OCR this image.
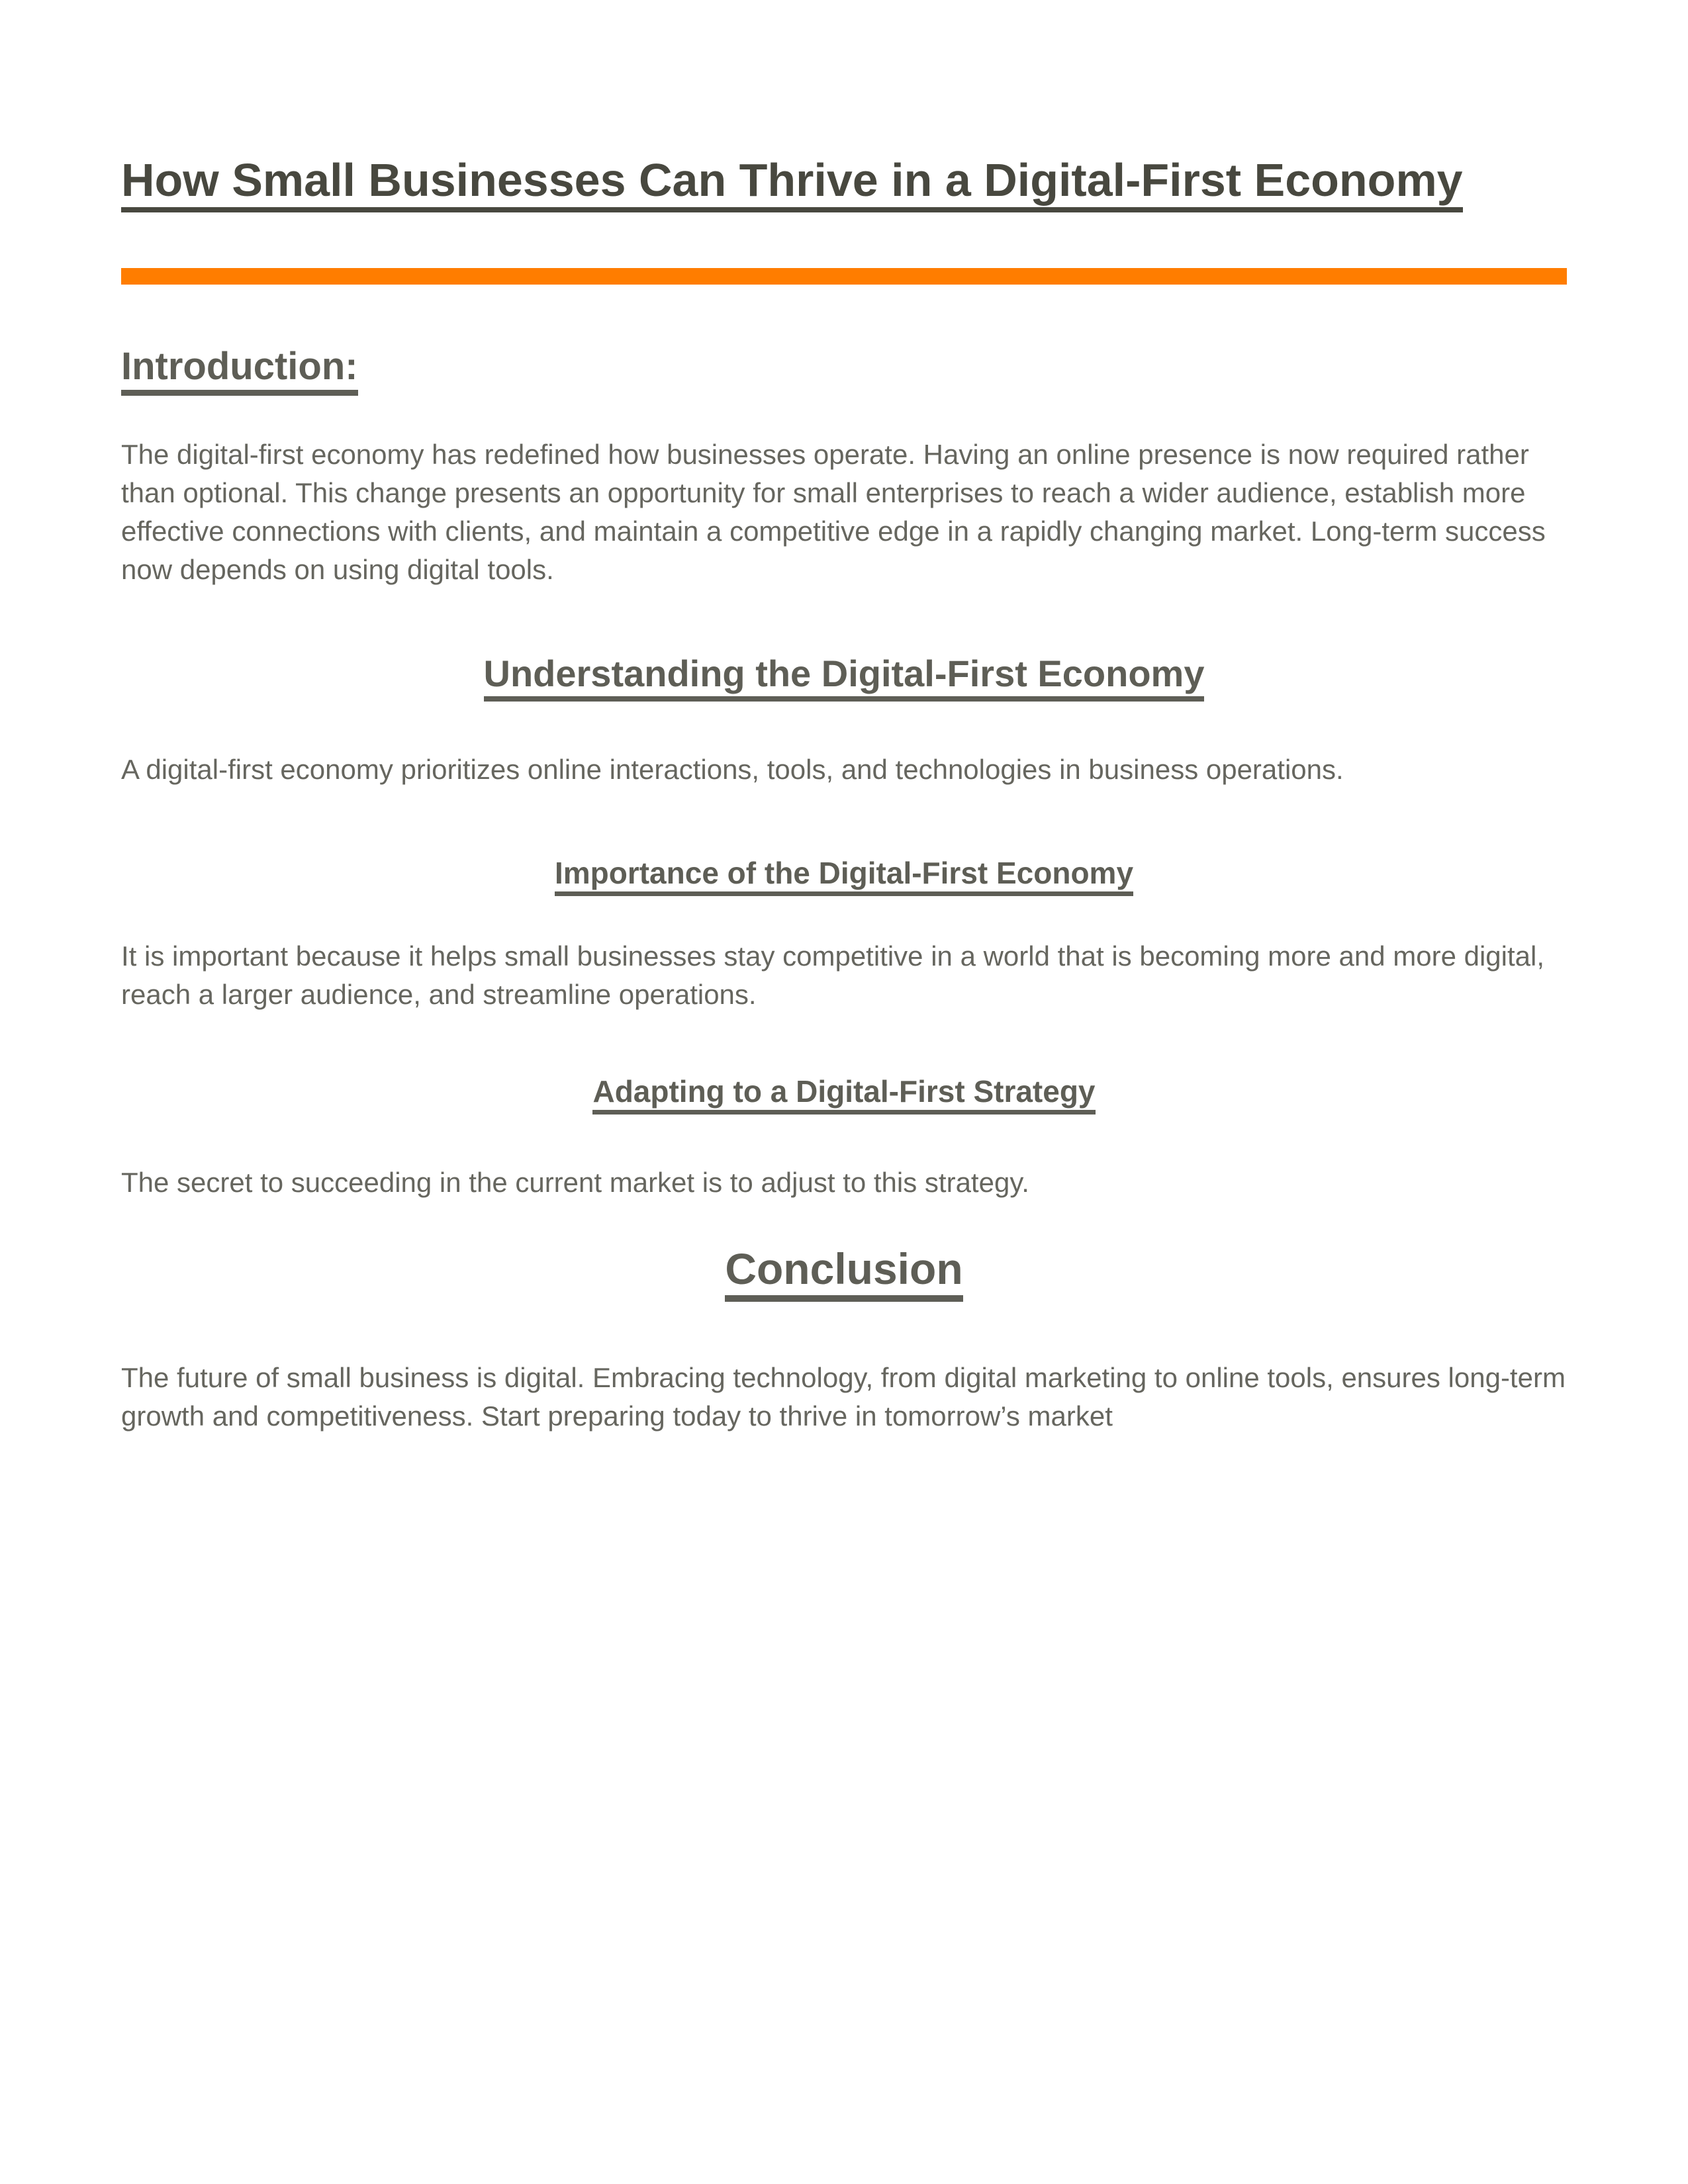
How Small Businesses Can Thrive in a Digital-First Economy
Introduction:

The digital-first economy has redefined how businesses operate. Having an online presence is now required rather than optional. This change presents an opportunity for small enterprises to reach a wider audience, establish more effective connections with clients, and maintain a competitive edge in a rapidly changing market. Long-term success now depends on using digital tools.

Understanding the Digital-First Economy

A digital-first economy prioritizes online interactions, tools, and technologies in business operations.

Importance of the Digital-First Economy

It is important because it helps small businesses stay competitive in a world that is becoming more and more digital, reach a larger audience, and streamline operations.

Adapting to a Digital-First Strategy

The secret to succeeding in the current market is to adjust to this strategy.

Conclusion

The future of small business is digital. Embracing technology, from digital marketing to online tools, ensures long-term growth and competitiveness. Start preparing today to thrive in tomorrow’s market
